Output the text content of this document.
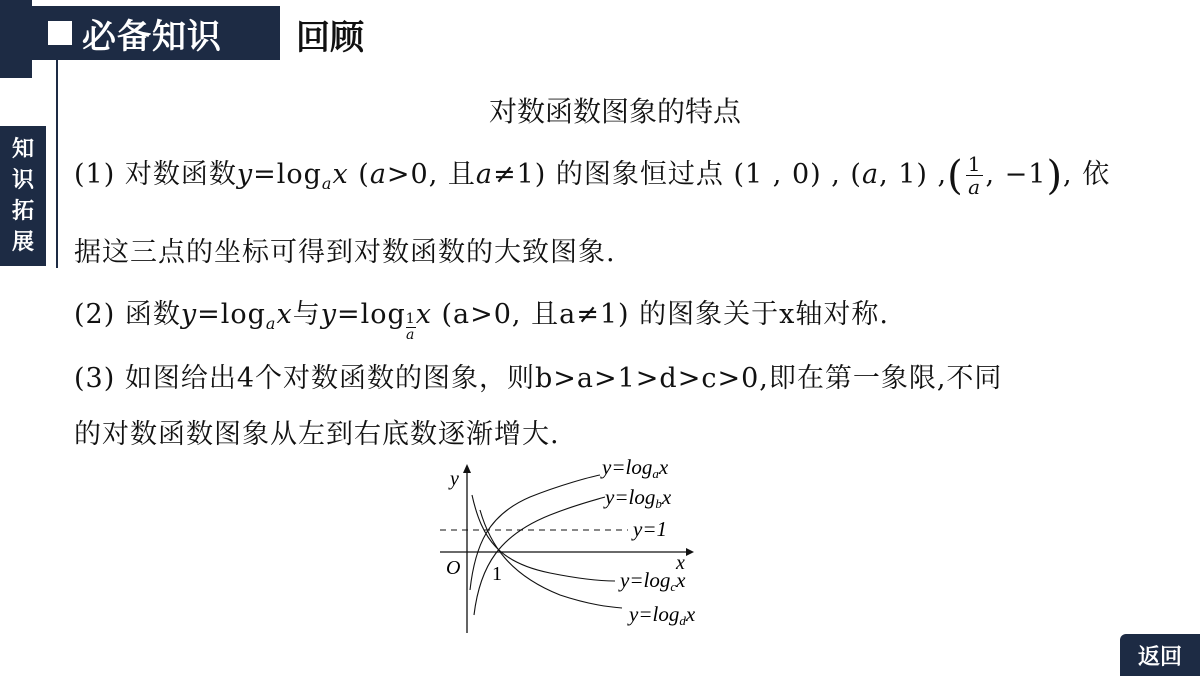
必备知识 回顾
知
识
拓
展
对数函数图象的特点
(1) 对数函数$y=\log_ax$ (a>0, 且a≠1) 的图象恒过点 (1 , 0) , (a, 1) ,( $\frac{1}{a}$ , −1), 依
据这三点的坐标可得到对数函数的大致图象.
(2) 函数$y=\log_ax$与$y=\log \frac{1}{a}$ x (a>0, 且a≠1) 的图象关于x轴对称.
(3) 如图给出4个对数函数的图象，则b>a>1>d>c>0,即在第一象限,不同
的对数函数图象从左到右底数逐渐增大.
y
x
O 1
y=logax
y=logbx
y=1
y=logcx
y=logdx
返回
